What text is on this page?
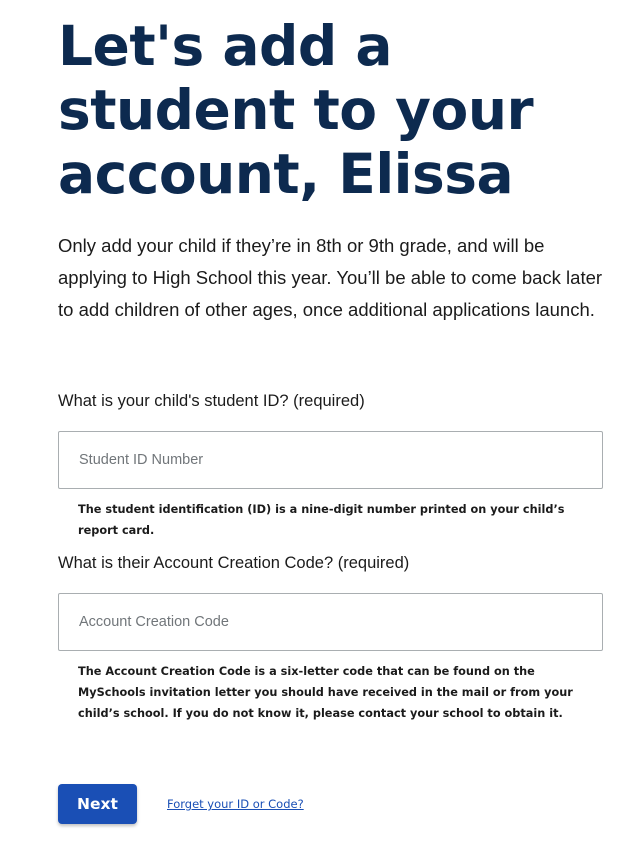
Let's add a student to your account, Elissa

Only add your child if they’re in 8th or 9th grade, and will be applying to High School this year. You’ll be able to come back later to add children of other ages, once additional applications launch.

What is your child's student ID? (required)
Student ID Number

The student identification (ID) is a nine-digit number printed on your child’s report card.

What is their Account Creation Code? (required)
Account Creation Code

The Account Creation Code is a six-letter code that can be found on the MySchools invitation letter you should have received in the mail or from your child’s school. If you do not know it, please contact your school to obtain it.

Next	Forget your ID or Code?
